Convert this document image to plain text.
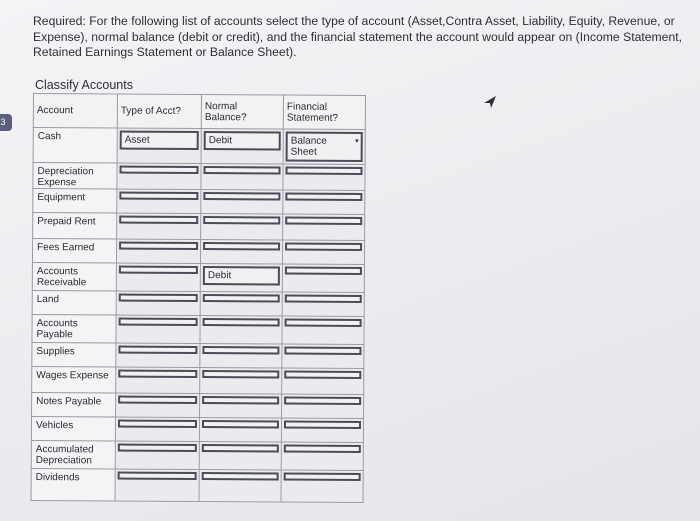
Required: For the following list of accounts select the type of account (Asset,Contra Asset, Liability, Equity, Revenue, or Expense), normal balance (debit or credit), and the financial statement the account would appear on (Income Statement, Retained Earnings Statement or Balance Sheet).
Classify Accounts
3
Account	Type of Acct?	Normal Balance?	Financial Statement?

Cash	Asset	Debit	Balance Sheet
▾

Depreciation Expense	

Equipment	

Prepaid Rent	

Fees Earned	

Accounts Receivable		Debit	

Land	

Accounts Payable	

Supplies	

Wages Expense	

Notes Payable	

Vehicles	

Accumulated Depreciation	

Dividends	
